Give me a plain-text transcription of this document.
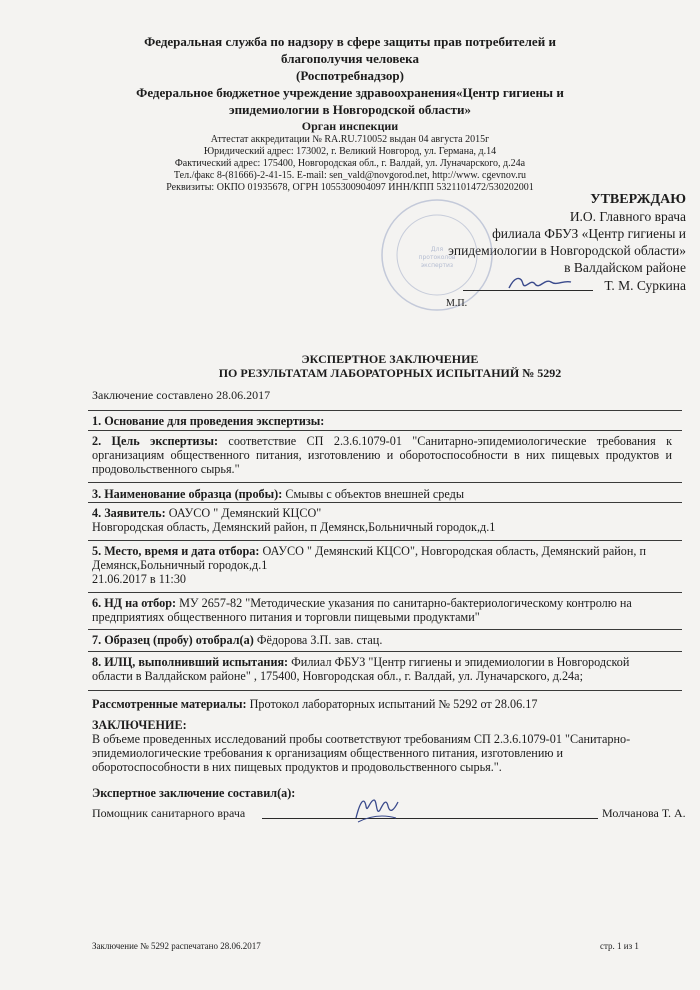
Федеральная служба по надзору в сфере защиты прав потребителей и
благополучия человека
(Роспотребнадзор)
Федеральное бюджетное учреждение здравоохранения«Центр гигиены и
эпидемиологии в Новгородской области»
Орган инспекции
Аттестат аккредитации № RA.RU.710052 выдан 04 августа 2015г
Юридический адрес: 173002, г. Великий Новгород, ул. Германа, д.14
Фактический адрес: 175400, Новгородская обл., г. Валдай, ул. Луначарского, д.24а
Тел./факс 8-(81666)-2-41-15. E-mail: sen_vald@novgorod.net, http://www. cgevnov.ru
Реквизиты: ОКПО 01935678, ОГРН 1055300904097 ИНН/КПП 5321101472/530202001
УТВЕРЖДАЮ
И.О. Главного врача
филиала ФБУЗ «Центр гигиены и
эпидемиологии в Новгородской области»
в Валдайском районе
Для
протоколов
экспертиз
Т. М. Суркина
М.П.
ЭКСПЕРТНОЕ ЗАКЛЮЧЕНИЕ
ПО РЕЗУЛЬТАТАМ ЛАБОРАТОРНЫХ ИСПЫТАНИЙ № 5292
Заключение составлено 28.06.2017
1. Основание для проведения экспертизы:
2. Цель экспертизы: соответствие СП 2.3.6.1079-01 "Санитарно-эпидемиологические требования к организациям общественного питания, изготовлению и оборотоспособности в них пищевых продуктов и продовольственного сырья."
3. Наименование образца (пробы): Смывы с объектов внешней среды
4. Заявитель: ОАУСО " Демянский КЦСО"
Новгородская область, Демянский район, п Демянск,Больничный городок,д.1
5. Место, время и дата отбора: ОАУСО " Демянский КЦСО", Новгородская область, Демянский район, п Демянск,Больничный городок,д.1
21.06.2017 в 11:30
6. НД на отбор: МУ 2657-82 "Методические указания по санитарно-бактериологическому контролю на предприятиях общественного питания и торговли пищевыми продуктами"
7. Образец (пробу) отобрал(а) Фёдорова З.П. зав. стац.
8. ИЛЦ, выполнивший испытания: Филиал ФБУЗ "Центр гигиены и эпидемиологии в Новгородской области в Валдайском районе" , 175400, Новгородская обл., г. Валдай, ул. Луначарского, д.24а;
Рассмотренные материалы: Протокол лабораторных испытаний № 5292 от 28.06.17
ЗАКЛЮЧЕНИЕ:
В объеме проведенных исследований пробы соответствуют требованиям СП 2.3.6.1079-01 "Санитарно-эпидемиологические требования к организациям общественного питания, изготовлению и оборотоспособности в них пищевых продуктов и продовольственного сырья.".
Экспертное заключение составил(а):
Помощник санитарного врача	Молчанова Т. А.
Заключение № 5292 распечатано 28.06.2017	стр. 1 из 1
